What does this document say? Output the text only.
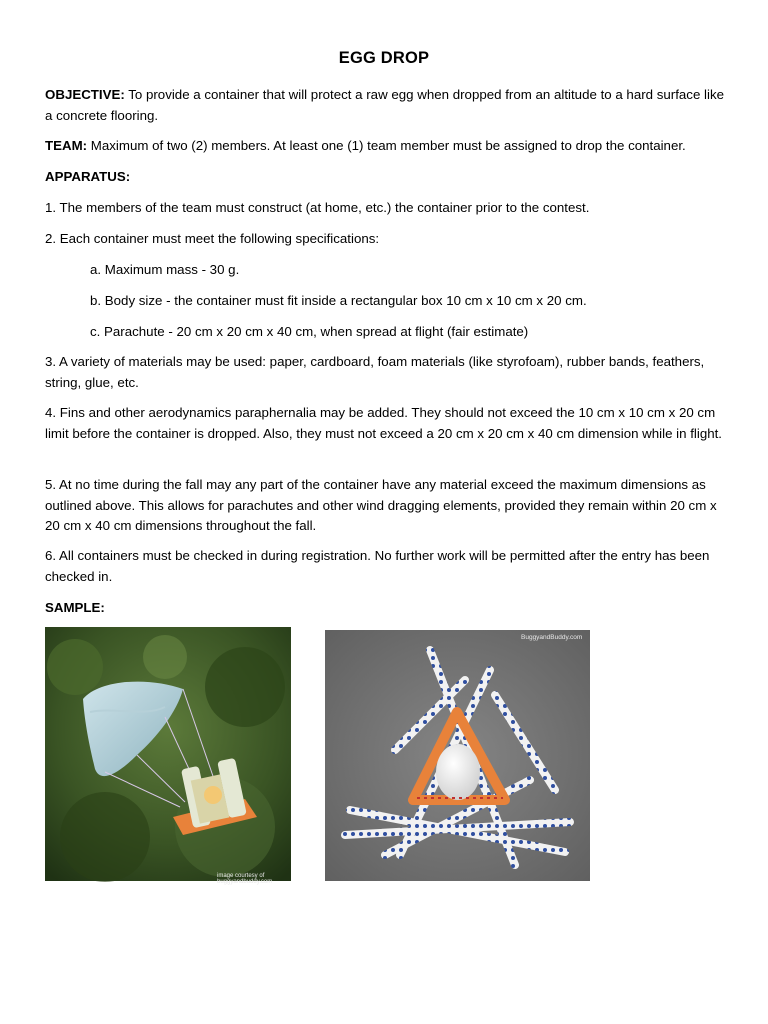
EGG DROP
OBJECTIVE: To provide a container that will protect a raw egg when dropped from an altitude to a hard surface like a concrete flooring.
TEAM: Maximum of two (2) members. At least one (1) team member must be assigned to drop the container.
APPARATUS:
1. The members of the team must construct (at home, etc.) the container prior to the contest.
2. Each container must meet the following specifications:
a. Maximum mass - 30 g.
b. Body size - the container must fit inside a rectangular box 10 cm x 10 cm x 20 cm.
c. Parachute - 20 cm x 20 cm x 40 cm, when spread at flight (fair estimate)
3. A variety of materials may be used: paper, cardboard, foam materials (like styrofoam), rubber bands, feathers, string, glue, etc.
4. Fins and other aerodynamics paraphernalia may be added. They should not exceed the 10 cm x 10 cm x 20 cm limit before the container is dropped. Also, they must not exceed a 20 cm x 20 cm x 40 cm dimension while in flight.
5. At no time during the fall may any part of the container have any material exceed the maximum dimensions as outlined above. This allows for parachutes and other wind dragging elements, provided they remain within 20 cm x 20 cm x 40 cm dimensions throughout the fall.
6. All containers must be checked in during registration. No further work will be permitted after the entry has been checked in.
SAMPLE:
image courtesy of buggyandbuddy.com
BuggyandBuddy.com
